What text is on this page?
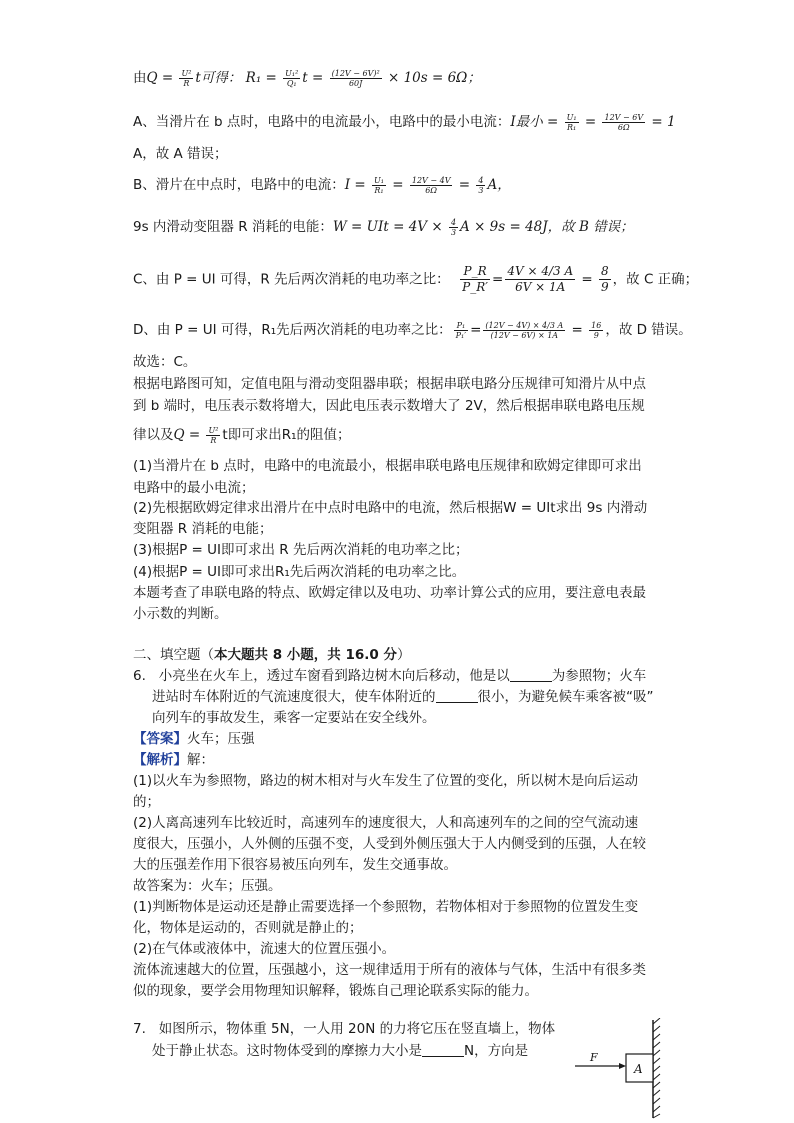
由$Q = \frac{\text{U²}}{R}$ t可得： $R_1 = \frac{\text{U₁²}}{\text{Q₁}}$ $t = \frac{\text{(12V − 6V)²}}{60J} \times 10s = 6\Omega$；
A、当滑片在 b 点时，电路中的电流最小，电路中的最小电流：I最小 = $\frac{\text{U₁}}{\text{R₁}} = \frac{12V - 6V}{6\Omega} = 1$
A，故 A 错误；
B、滑片在中点时，电路中的电流：$I = \frac{\text{U₁}}{\text{R₁}} = \frac{12V - 4V}{6\Omega} = \frac{4}{3}$ A，
9s 内滑动变阻器 R 消耗的电能：W = UIt = $4V \times \frac{4}{3}$ A × 9s = 48J，故 B 错误；
C、由 P = UI 可得，R 先后两次消耗的电功率之比： $\frac{P\_R}{P\_R'} = \frac{4V \times 4/3 A}{6V \times 1A} = \frac{8}{9}$ ，故 C 正确；
D、由 P = UI 可得，R₁先后两次消耗的电功率之比： $\frac{\text{P₁}}{\text{P₁′}} = \frac{(12V - 4V) \times 4/3 A}{(12V - 6V) \times 1A} = \frac{16}{9}$ ，故 D 错误。
故选：C。
根据电路图可知，定值电阻与滑动变阻器串联；根据串联电路分压规律可知滑片从中点
到 b 端时，电压表示数将增大，因此电压表示数增大了 2V，然后根据串联电路电压规
律以及$Q = \frac{\text{U²}}{R}$ t即可求出R₁的阻值；
(1)当滑片在 b 点时，电路中的电流最小，根据串联电路电压规律和欧姆定律即可求出
电路中的最小电流；
(2)先根据欧姆定律求出滑片在中点时电路中的电流，然后根据W = UIt求出 9s 内滑动
变阻器 R 消耗的电能；
(3)根据P = UI即可求出 R 先后两次消耗的电功率之比；
(4)根据P = UI即可求出R₁先后两次消耗的电功率之比。
本题考查了串联电路的特点、欧姆定律以及电功、功率计算公式的应用，要注意电表最
小示数的判断。
二、填空题（本大题共 8 小题，共 16.0 分）
6. 小亮坐在火车上，透过车窗看到路边树木向后移动，他是以	为参照物；火车
进站时车体附近的气流速度很大，使车体附近的	很小，为避免候车乘客被“吸”
向列车的事故发生，乘客一定要站在安全线外。
【答案】火车；压强
【解析】解：
(1)以火车为参照物，路边的树木相对与火车发生了位置的变化，所以树木是向后运动
的；
(2)人离高速列车比较近时，高速列车的速度很大，人和高速列车的之间的空气流动速
度很大，压强小，人外侧的压强不变，人受到外侧压强大于人内侧受到的压强，人在较
大的压强差作用下很容易被压向列车，发生交通事故。
故答案为：火车；压强。
(1)判断物体是运动还是静止需要选择一个参照物，若物体相对于参照物的位置发生变
化，物体是运动的，否则就是静止的；
(2)在气体或液体中，流速大的位置压强小。
流体流速越大的位置，压强越小，这一规律适用于所有的液体与气体，生活中有很多类
似的现象，要学会用物理知识解释，锻炼自己理论联系实际的能力。
7. 如图所示，物体重 5N，一人用 20N 的力将它压在竖直墙上，物体
处于静止状态。这时物体受到的摩擦力大小是	N，方向是
A
F
